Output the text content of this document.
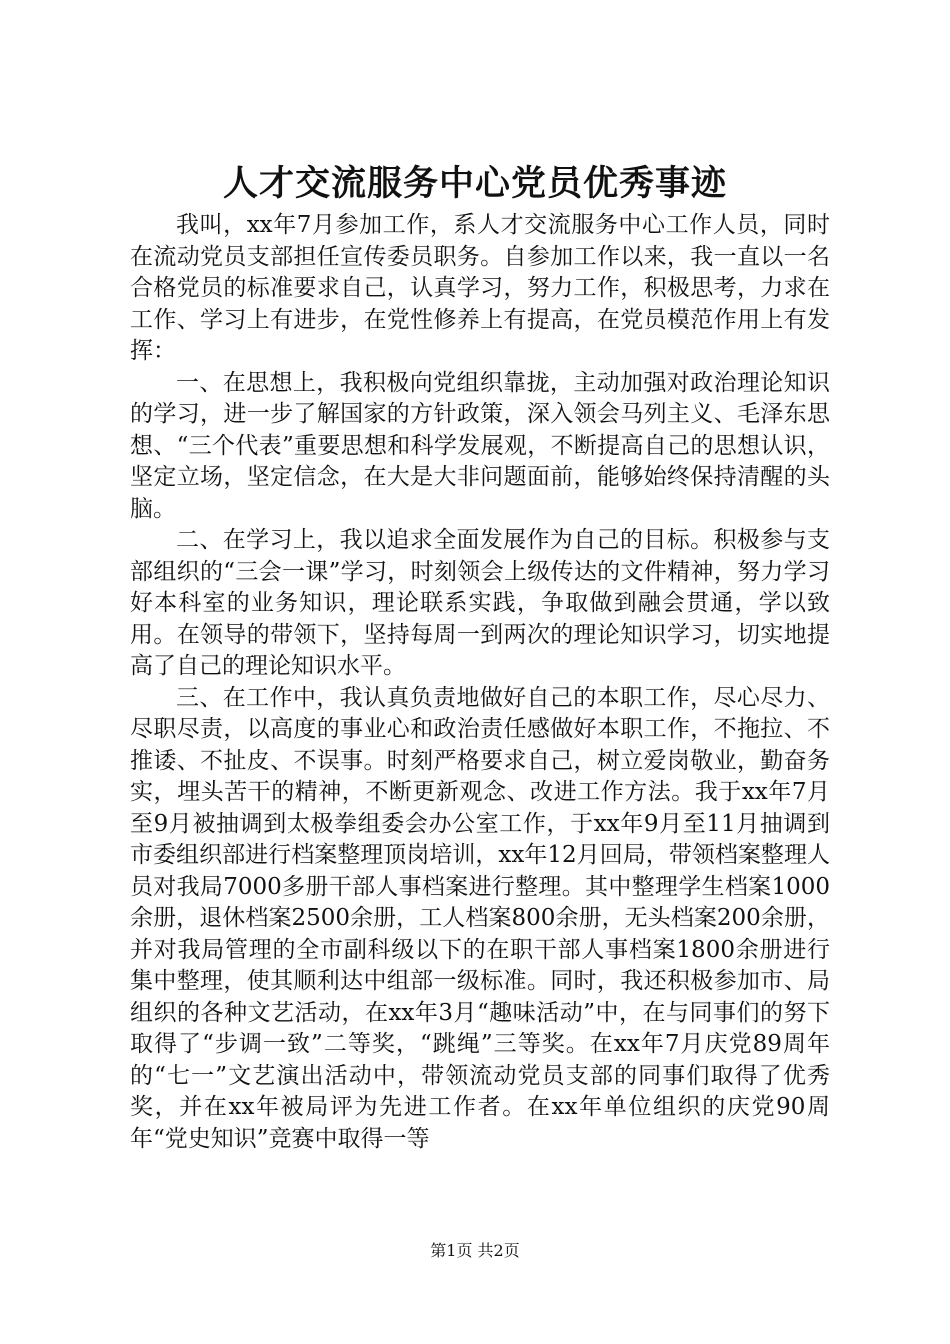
人才交流服务中心党员优秀事迹

我叫，xx年7月参加工作，系人才交流服务中心工作人员，同时在流动党员支部担任宣传委员职务。自参加工作以来，我一直以一名合格党员的标准要求自己，认真学习，努力工作，积极思考，力求在工作、学习上有进步，在党性修养上有提高，在党员模范作用上有发挥：

一、在思想上，我积极向党组织靠拢，主动加强对政治理论知识的学习，进一步了解国家的方针政策，深入领会马列主义、毛泽东思想、“三个代表”重要思想和科学发展观，不断提高自己的思想认识，坚定立场，坚定信念，在大是大非问题面前，能够始终保持清醒的头脑。

二、在学习上，我以追求全面发展作为自己的目标。积极参与支部组织的“三会一课”学习，时刻领会上级传达的文件精神，努力学习好本科室的业务知识，理论联系实践，争取做到融会贯通，学以致用。在领导的带领下，坚持每周一到两次的理论知识学习，切实地提高了自己的理论知识水平。

三、在工作中，我认真负责地做好自己的本职工作，尽心尽力、尽职尽责，以高度的事业心和政治责任感做好本职工作，不拖拉、不推诿、不扯皮、不误事。时刻严格要求自己，树立爱岗敬业，勤奋务实，埋头苦干的精神，不断更新观念、改进工作方法。我于xx年7月至9月被抽调到太极拳组委会办公室工作，于xx年9月至11月抽调到市委组织部进行档案整理顶岗培训，xx年12月回局，带领档案整理人员对我局7000多册干部人事档案进行整理。其中整理学生档案1000余册，退休档案2500余册，工人档案800余册，无头档案200余册，并对我局管理的全市副科级以下的在职干部人事档案1800余册进行集中整理，使其顺利达中组部一级标准。同时，我还积极参加市、局组织的各种文艺活动，在xx年3月“趣味活动”中，在与同事们的努下取得了“步调一致”二等奖，“跳绳”三等奖。在xx年7月庆党89周年的“七一”文艺演出活动中，带领流动党员支部的同事们取得了优秀奖，并在xx年被局评为先进工作者。在xx年单位组织的庆党90周年“党史知识”竞赛中取得一等

第1页 共2页
